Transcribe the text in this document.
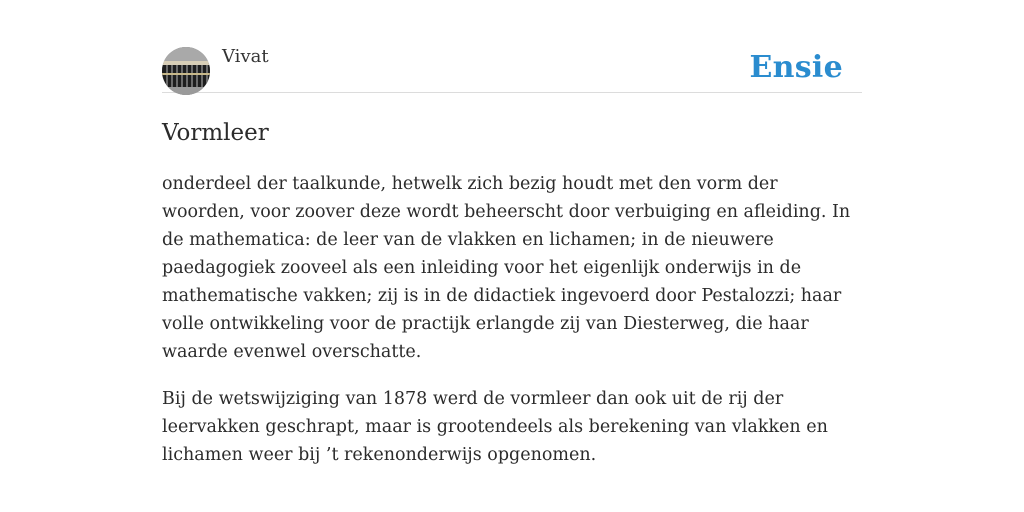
Vivat	Ensie
Vormleer
onderdeel der taalkunde, hetwelk zich bezig houdt met den vorm der woorden, voor zoover deze wordt beheerscht door verbuiging en afleiding. In de mathematica: de leer van de vlakken en lichamen; in de nieuwere paedagogiek zooveel als een inleiding voor het eigenlijk onderwijs in de mathematische vakken; zij is in de didactiek ingevoerd door Pestalozzi; haar volle ontwikkeling voor de practijk erlangde zij van Diesterweg, die haar waarde evenwel overschatte.
Bij de wetswijziging van 1878 werd de vormleer dan ook uit de rij der leervakken geschrapt, maar is grootendeels als berekening van vlakken en lichamen weer bij ’t rekenonderwijs opgenomen.
